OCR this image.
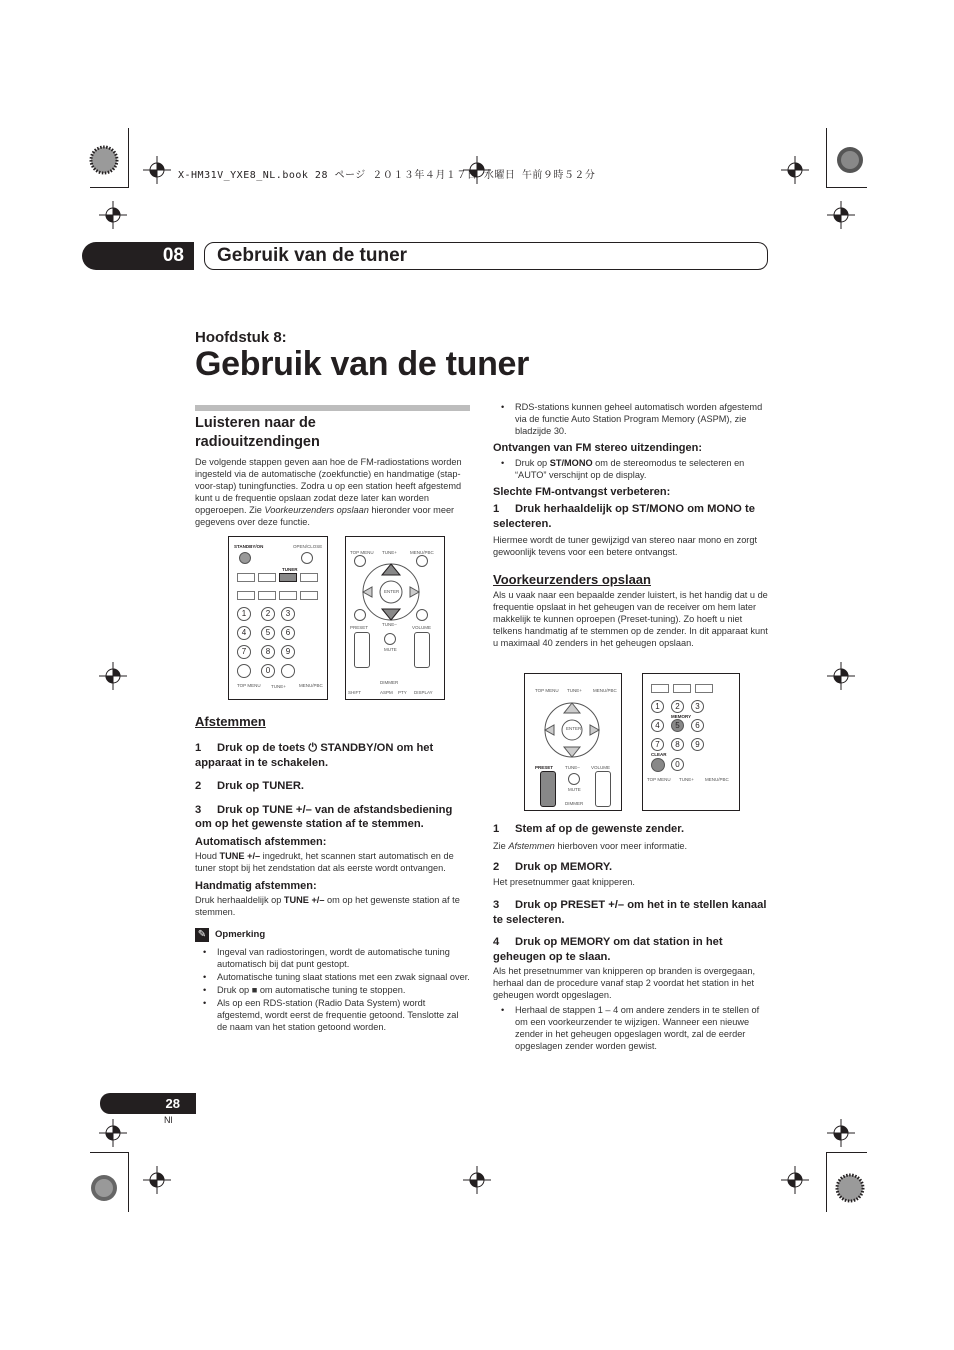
X-HM31V_YXE8_NL.book 28 ページ ２０１３年４月１７日 水曜日 午前９時５２分
08	Gebruik van de tuner
Hoofdstuk 8:
Gebruik van de tuner
Luisteren naar de radiouitzendingen
De volgende stappen geven aan hoe de FM-radiostations worden ingesteld via de automatische (zoekfunctie) en handmatige (stap-voor-stap) tuningfuncties. Zodra u op een station heeft afgestemd kunt u de frequentie opslaan zodat deze later kan worden opgeroepen. Zie Voorkeurzenders opslaan hieronder voor meer gegevens over deze functie.
STANDBY/ON	OPEN/CLOSE
TUNER
1	2	3
4	5	6
7	8	9
0
TOP MENU TUNE+	MENU/PBC
TOP MENU TUNE+	MENU/PBC
ENTER
PRESET
TUNE–
VOLUME
MUTE
DIMMER
SHIFT	ASPM PTY DISPLAY
Afstemmen
1 Druk op de toets ⏻ STANDBY/ON om het apparaat in te schakelen.
2 Druk op TUNER.
3 Druk op TUNE +/– van de afstandsbediening om op het gewenste station af te stemmen.
Automatisch afstemmen:
Houd TUNE +/– ingedrukt, het scannen start automatisch en de tuner stopt bij het zendstation dat als eerste wordt ontvangen.
Handmatig afstemmen:
Druk herhaaldelijk op TUNE +/– om op het gewenste station af te stemmen.
✎ Opmerking
• Ingeval van radiostoringen, wordt de automatische tuning automatisch bij dat punt gestopt.
• Automatische tuning slaat stations met een zwak signaal over.
• Druk op ■ om automatische tuning te stoppen.
• Als op een RDS-station (Radio Data System) wordt afgestemd, wordt eerst de frequentie getoond. Tenslotte zal de naam van het station getoond worden.
• RDS-stations kunnen geheel automatisch worden afgestemd via de functie Auto Station Program Memory (ASPM), zie bladzijde 30.
Ontvangen van FM stereo uitzendingen:
• Druk op ST/MONO om de stereomodus te selecteren en “AUTO” verschijnt op de display.
Slechte FM-ontvangst verbeteren:
1 Druk herhaaldelijk op ST/MONO om MONO te selecteren.
Hiermee wordt de tuner gewijzigd van stereo naar mono en zorgt gewoonlijk tevens voor een betere ontvangst.
Voorkeurzenders opslaan
Als u vaak naar een bepaalde zender luistert, is het handig dat u de frequentie opslaat in het geheugen van de receiver om hem later makkelijk te kunnen oproepen (Preset-tuning). Zo hoeft u niet telkens handmatig af te stemmen op de zender. In dit apparaat kunt u maximaal 40 zenders in het geheugen opslaan.
TOP MENU TUNE+ MENU/PBC
ENTER
PRESET	TUNE– VOLUME
MUTE
DIMMER
1	2	3
MEMORY
4	5	6
7	8	9
CLEAR
0
TOP MENU TUNE+ MENU/PBC
1 Stem af op de gewenste zender.
Zie Afstemmen hierboven voor meer informatie.
2 Druk op MEMORY.
Het presetnummer gaat knipperen.
3 Druk op PRESET +/– om het in te stellen kanaal te selecteren.
4 Druk op MEMORY om dat station in het geheugen op te slaan.
Als het presetnummer van knipperen op branden is overgegaan, herhaal dan de procedure vanaf stap 2 voordat het station in het geheugen wordt opgeslagen.
• Herhaal de stappen 1 – 4 om andere zenders in te stellen of om een voorkeurzender te wijzigen. Wanneer een nieuwe zender in het geheugen opgeslagen wordt, zal de eerder opgeslagen zender worden gewist.
28
Nl
